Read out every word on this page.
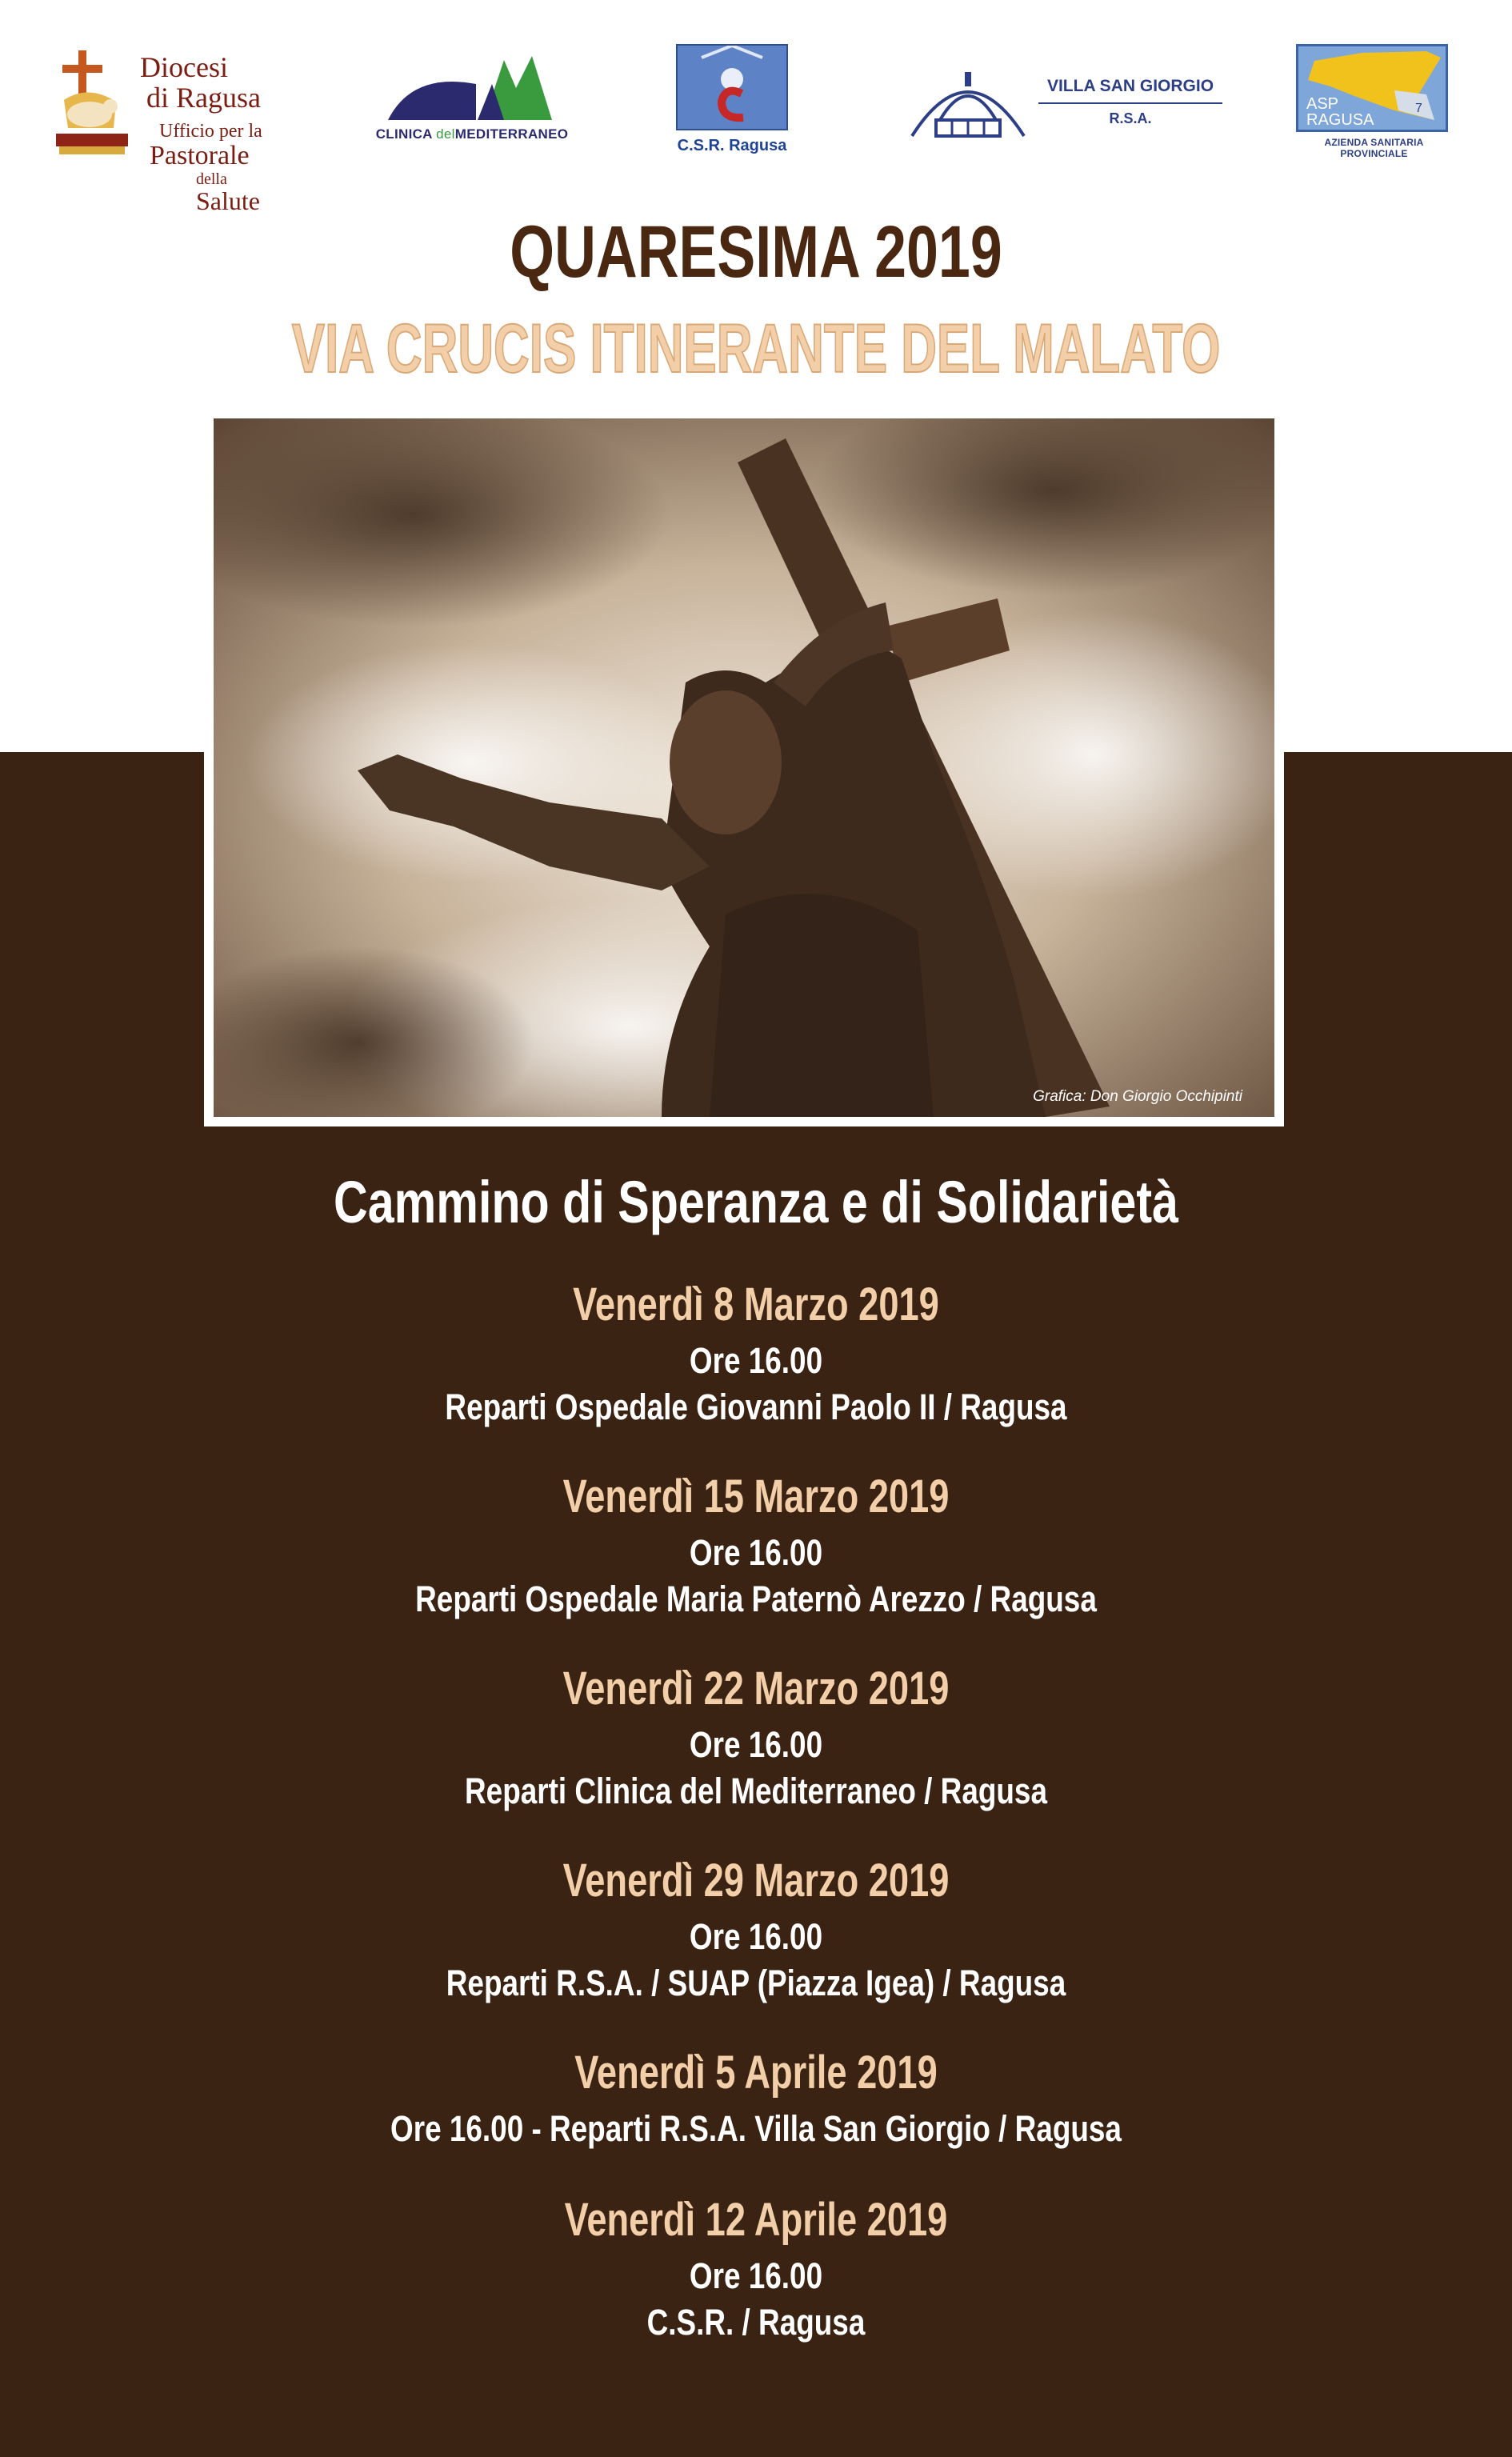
Diocesi
di Ragusa
Ufficio per la
Pastorale
della
Salute
CLINICA delMEDITERRANEO
C.S.R. Ragusa
VILLA SAN GIORGIO
R.S.A.
7
ASP
RAGUSA
AZIENDA SANITARIA PROVINCIALE
QUARESIMA 2019
VIA CRUCIS ITINERANTE DEL MALATO
Grafica: Don Giorgio Occhipinti
Cammino di Speranza e di Solidarietà
Venerdì 8 Marzo 2019
Ore 16.00
Reparti Ospedale Giovanni Paolo II / Ragusa
Venerdì 15 Marzo 2019
Ore 16.00
Reparti Ospedale Maria Paternò Arezzo / Ragusa
Venerdì 22 Marzo 2019
Ore 16.00
Reparti Clinica del Mediterraneo / Ragusa
Venerdì 29 Marzo 2019
Ore 16.00
Reparti R.S.A. / SUAP (Piazza Igea) / Ragusa
Venerdì 5 Aprile 2019
Ore 16.00 - Reparti R.S.A. Villa San Giorgio / Ragusa
Venerdì 12 Aprile 2019
Ore 16.00
C.S.R. / Ragusa
